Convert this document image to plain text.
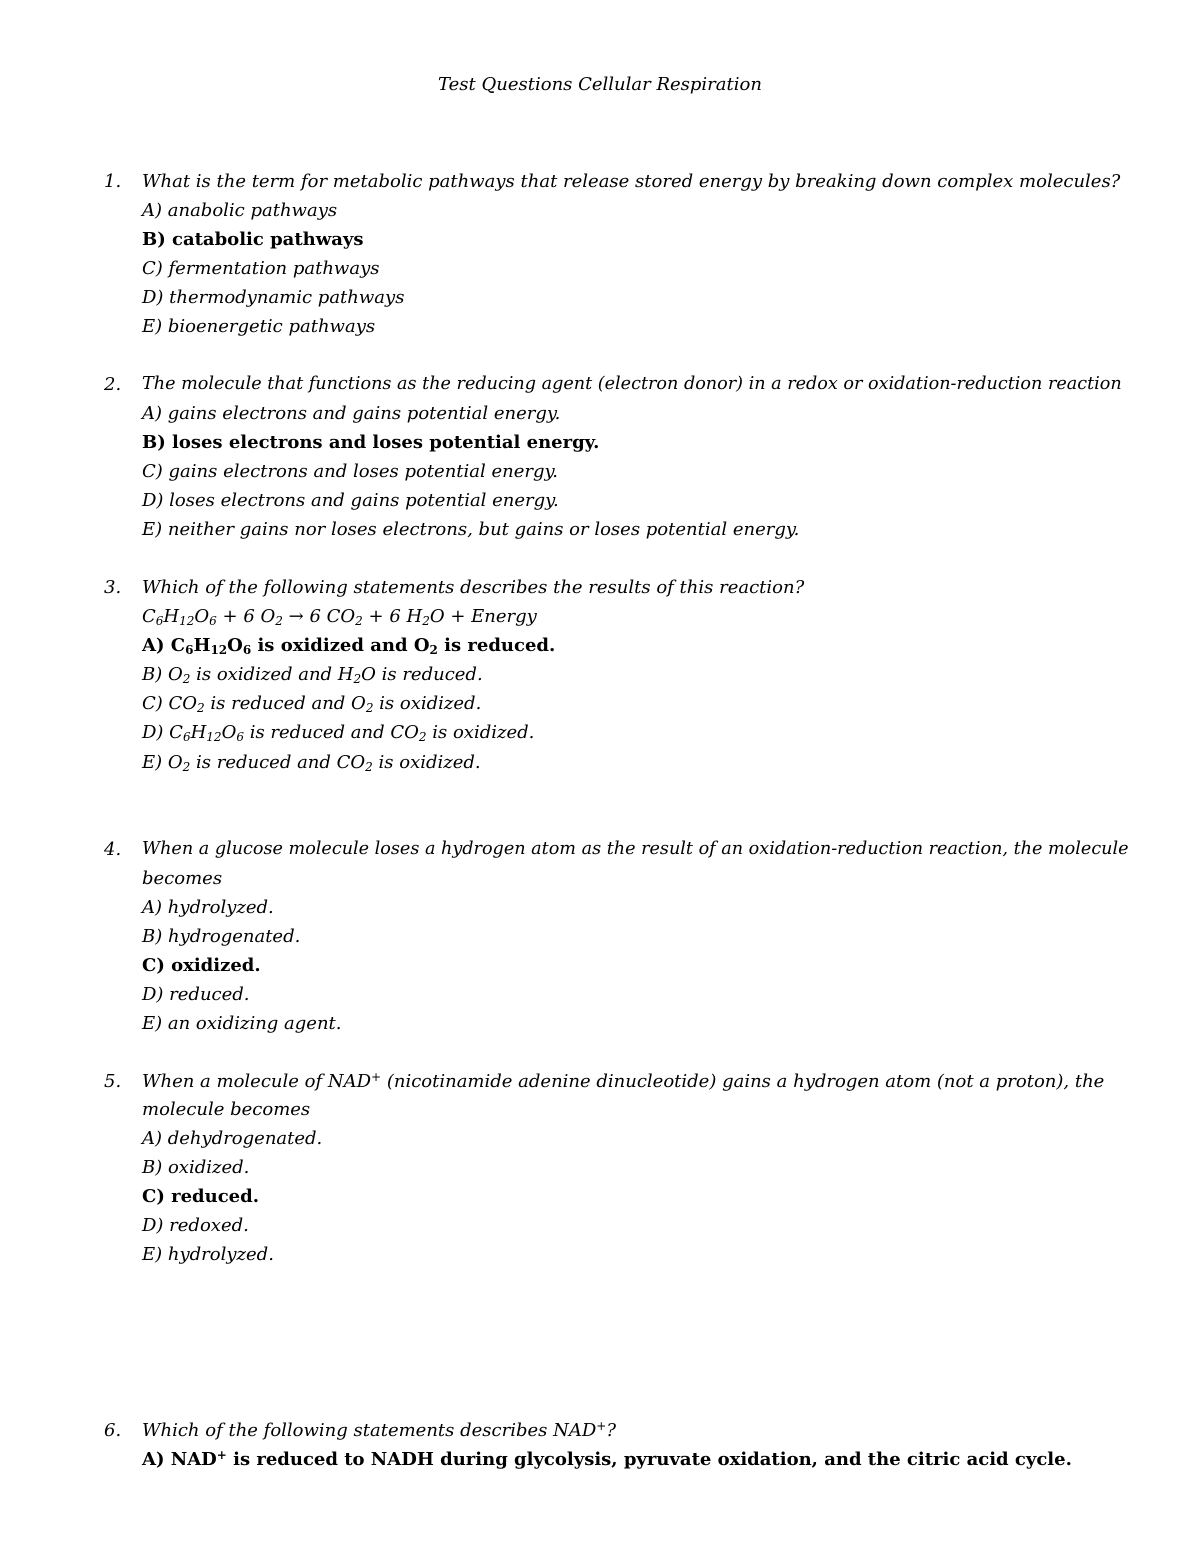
Test Questions Cellular Respiration
1. What is the term for metabolic pathways that release stored energy by breaking down complex molecules?
A) anabolic pathways
B) catabolic pathways
C) fermentation pathways
D) thermodynamic pathways
E) bioenergetic pathways
2. The molecule that functions as the reducing agent (electron donor) in a redox or oxidation-reduction reaction
A) gains electrons and gains potential energy.
B) loses electrons and loses potential energy.
C) gains electrons and loses potential energy.
D) loses electrons and gains potential energy.
E) neither gains nor loses electrons, but gains or loses potential energy.
3. Which of the following statements describes the results of this reaction?
$C_6H_{12}O_6 + 6$ $O_2 \to 6$ $CO_2 + 6$ $H_2O$ + Energy
A) $C_6H_{12}O_6$ is oxidized and $O_2$ is reduced.
B) $O_2$ is oxidized and $H_2O$ is reduced.
C) $CO_2$ is reduced and $O_2$ is oxidized.
D) $C_6H_{12}O_6$ is reduced and $CO_2$ is oxidized.
E) $O_2$ is reduced and $CO_2$ is oxidized.
4. When a glucose molecule loses a hydrogen atom as the result of an oxidation-reduction reaction, the molecule
becomes
A) hydrolyzed.
B) hydrogenated.
C) oxidized.
D) reduced.
E) an oxidizing agent.
5. When a molecule of NAD+ (nicotinamide adenine dinucleotide) gains a hydrogen atom (not a proton), the
molecule becomes
A) dehydrogenated.
B) oxidized.
C) reduced.
D) redoxed.
E) hydrolyzed.
6. Which of the following statements describes NAD+?
A) NAD+ is reduced to NADH during glycolysis, pyruvate oxidation, and the citric acid cycle.
